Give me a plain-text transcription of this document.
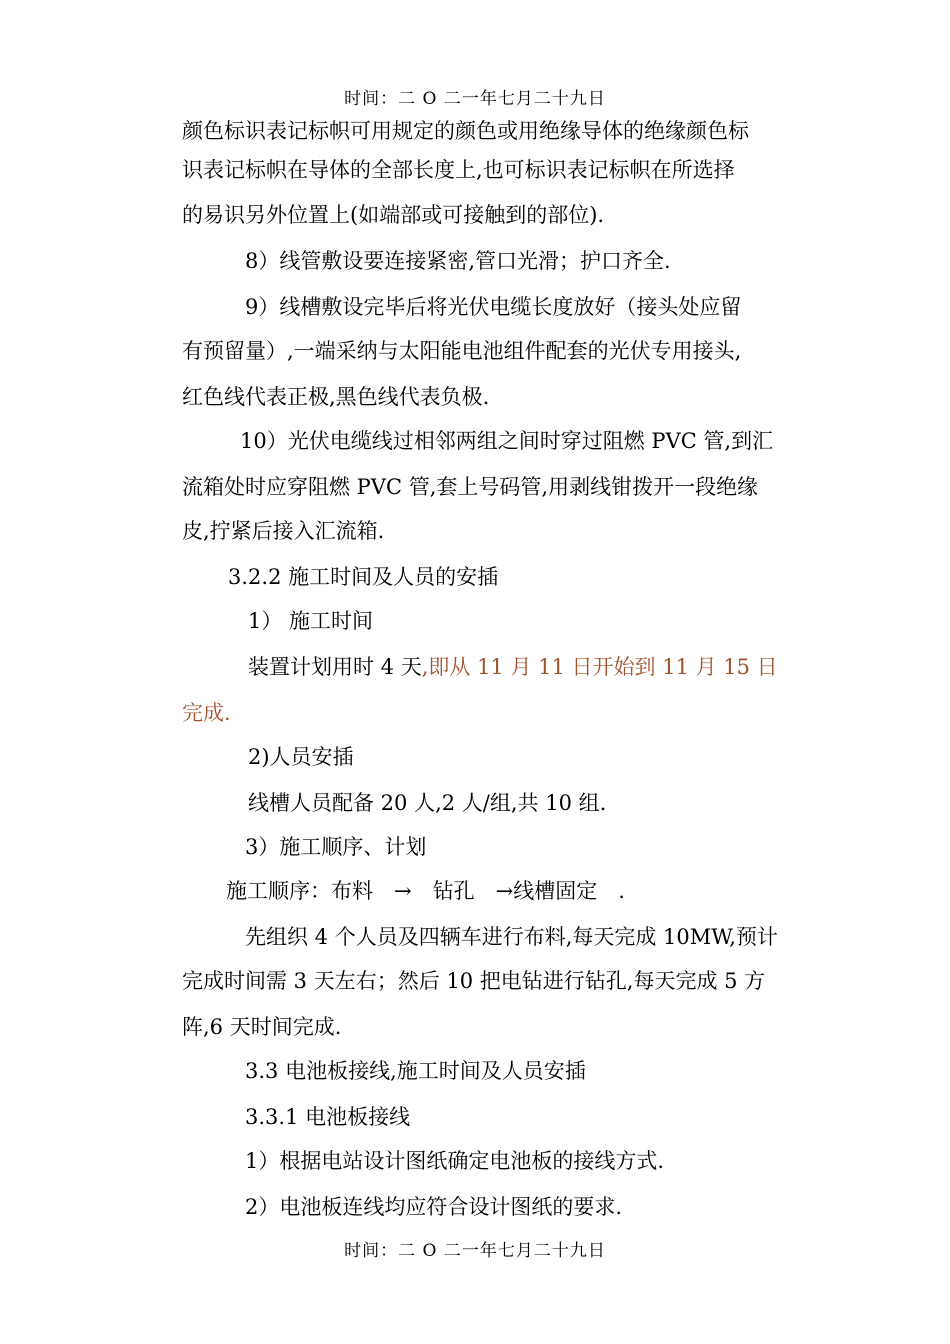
时间：二 O 二一年七月二十九日
颜色标识表记标帜可用规定的颜色或用绝缘导体的绝缘颜色标
识表记标帜在导体的全部长度上,也可标识表记标帜在所选择
的易识另外位置上(如端部或可接触到的部位).
8）线管敷设要连接紧密,管口光滑；护口齐全.
9）线槽敷设完毕后将光伏电缆长度放好（接头处应留
有预留量）,一端采纳与太阳能电池组件配套的光伏专用接头,
红色线代表正极,黑色线代表负极.
10）光伏电缆线过相邻两组之间时穿过阻燃 PVC 管,到汇
流箱处时应穿阻燃 PVC 管,套上号码管,用剥线钳拨开一段绝缘
皮,拧紧后接入汇流箱.
3.2.2 施工时间及人员的安插
1） 施工时间
装置计划用时 4 天,即从 11 月 11 日开始到 11 月 15 日
完成.
2)人员安插
线槽人员配备 20 人,2 人/组,共 10 组.
3）施工顺序、计划
施工顺序：布料　→　钻孔　→线槽固定　.
先组织 4 个人员及四辆车进行布料,每天完成 10MW,预计
完成时间需 3 天左右；然后 10 把电钻进行钻孔,每天完成 5 方
阵,6 天时间完成.
3.3 电池板接线,施工时间及人员安插
3.3.1 电池板接线
1）根据电站设计图纸确定电池板的接线方式.
2）电池板连线均应符合设计图纸的要求.
时间：二 O 二一年七月二十九日
